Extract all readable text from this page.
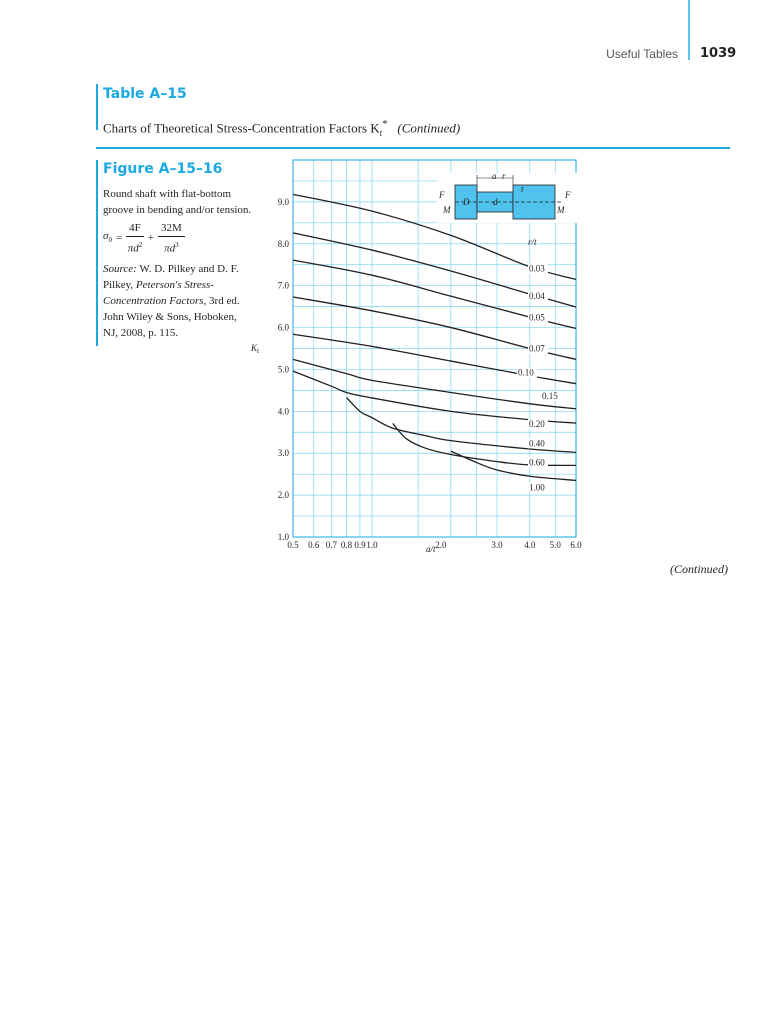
Useful Tables 1039
Table A–15
Charts of Theoretical Stress-Concentration Factors $K_t^*$ (Continued)
Figure A–15–16
Round shaft with flat-bottom groove in bending and/or tension.
$\sigma_0 = \frac{4F}{\pi d^2} + \frac{32M}{\pi d^3}$
Source: W. D. Pilkey and D. F. Pilkey, Peterson's Stress-Concentration Factors, 3rd ed. John Wiley & Sons, Hoboken, NJ, 2008, p. 115.
1.0
2.0
3.0
4.0
5.0
6.0
7.0
8.0
9.0
0.5 0.6 0.7 0.8 0.9 1.0	2.0	3.0 4.0 5.0 6.0
0.03
0.04
0.05
0.07
0.10
0.15
0.20
0.40
0.60
1.00
a r
t
D	d
F
M
F
M
r/t
$K_t$
a/t
(Continued)
